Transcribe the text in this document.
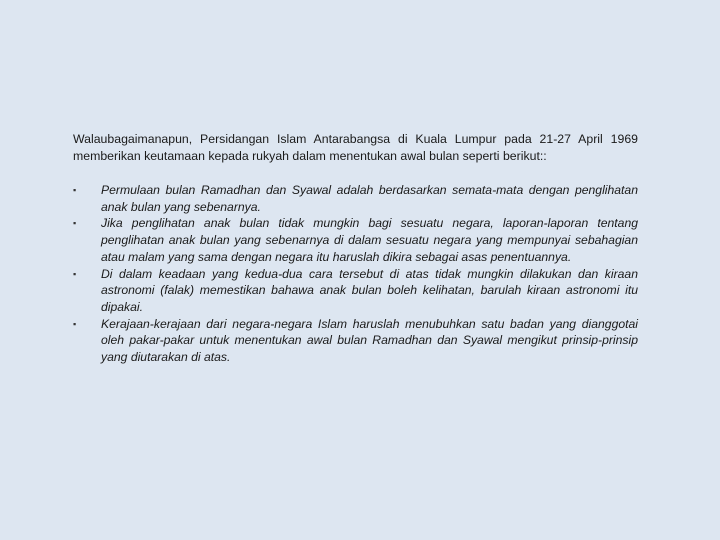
Walaubagaimanapun, Persidangan Islam Antarabangsa di Kuala Lumpur pada 21-27 April 1969 memberikan keutamaan kepada rukyah dalam menentukan awal bulan seperti berikut::

▪ Permulaan bulan Ramadhan dan Syawal adalah berdasarkan semata-mata dengan penglihatan anak bulan yang sebenarnya.
▪ Jika penglihatan anak bulan tidak mungkin bagi sesuatu negara, laporan-laporan tentang penglihatan anak bulan yang sebenarnya di dalam sesuatu negara yang mempunyai sebahagian atau malam yang sama dengan negara itu haruslah dikira sebagai asas penentuannya.
▪ Di dalam keadaan yang kedua-dua cara tersebut di atas tidak mungkin dilakukan dan kiraan astronomi (falak) memestikan bahawa anak bulan boleh kelihatan, barulah kiraan astronomi itu dipakai.
▪ Kerajaan-kerajaan dari negara-negara Islam haruslah menubuhkan satu badan yang dianggotai oleh pakar-pakar untuk menentukan awal bulan Ramadhan dan Syawal mengikut prinsip-prinsip yang diutarakan di atas.
